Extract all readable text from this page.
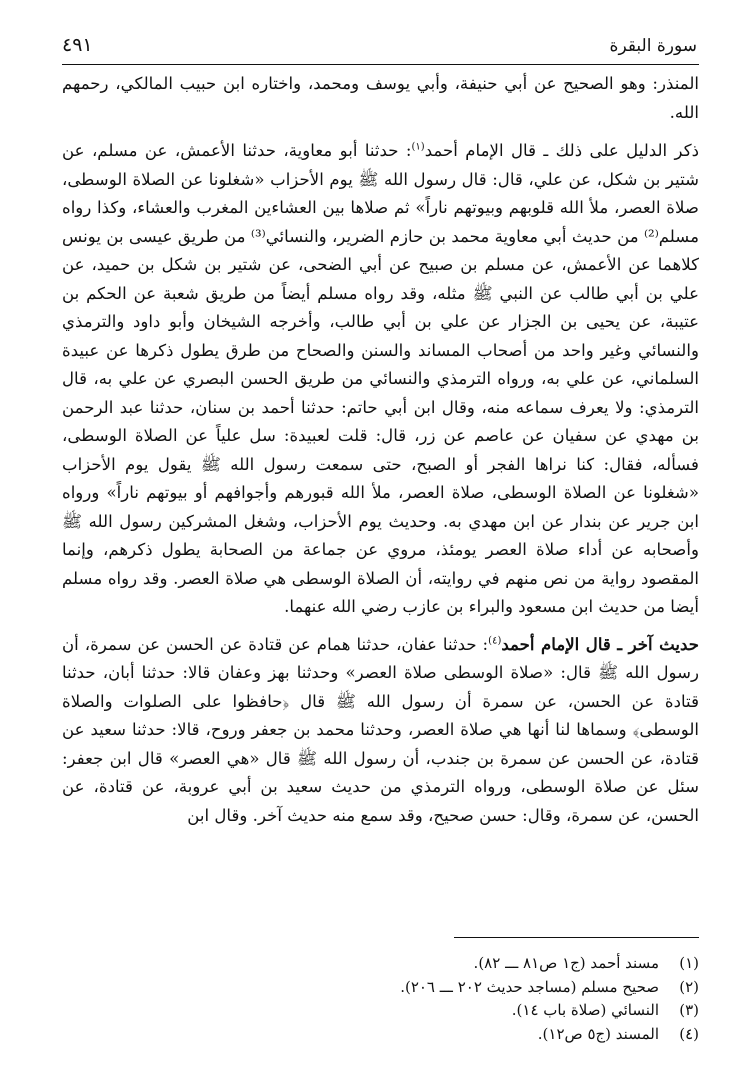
سورة البقرة
٤٩١

المنذر: وهو الصحيح عن أبي حنيفة، وأبي يوسف ومحمد، واختاره ابن حبيب المالكي، رحمهم الله.

ذكر الدليل على ذلك ـ قال الإمام أحمد$^{(١)}$: حدثنا أبو معاوية، حدثنا الأعمش، عن مسلم، عن شتير بن شكل، عن علي، قال: قال رسول الله ﷺ يوم الأحزاب «شغلونا عن الصلاة الوسطى، صلاة العصر، ملأ الله قلوبهم وبيوتهم ناراً» ثم صلاها بين العشاءين المغرب والعشاء، وكذا رواه مسلم⁽²⁾ من حديث أبي معاوية محمد بن حازم الضرير، والنسائي⁽³⁾ من طريق عيسى بن يونس كلاهما عن الأعمش، عن مسلم بن صبيح عن أبي الضحى، عن شتير بن شكل بن حميد، عن علي بن أبي طالب عن النبي ﷺ مثله، وقد رواه مسلم أيضاً من طريق شعبة عن الحكم بن عتيبة، عن يحيى بن الجزار عن علي بن أبي طالب، وأخرجه الشيخان وأبو داود والترمذي والنسائي وغير واحد من أصحاب المساند والسنن والصحاح من طرق يطول ذكرها عن عبيدة السلماني، عن علي به، ورواه الترمذي والنسائي من طريق الحسن البصري عن علي به، قال الترمذي: ولا يعرف سماعه منه، وقال ابن أبي حاتم: حدثنا أحمد بن سنان، حدثنا عبد الرحمن بن مهدي عن سفيان عن عاصم عن زر، قال: قلت لعبيدة: سل علياً عن الصلاة الوسطى، فسأله، فقال: كنا نراها الفجر أو الصبح، حتى سمعت رسول الله ﷺ يقول يوم الأحزاب «شغلونا عن الصلاة الوسطى، صلاة العصر، ملأ الله قبورهم وأجوافهم أو بيوتهم ناراً» ورواه ابن جرير عن بندار عن ابن مهدي به. وحديث يوم الأحزاب، وشغل المشركين رسول الله ﷺ وأصحابه عن أداء صلاة العصر يومئذ، مروي عن جماعة من الصحابة يطول ذكرهم، وإنما المقصود رواية من نص منهم في روايته، أن الصلاة الوسطى هي صلاة العصر. وقد رواه مسلم أيضا من حديث ابن مسعود والبراء بن عازب رضي الله عنهما.

حديث آخر ـ قال الإمام أحمد$^{(٤)}$: حدثنا عفان، حدثنا همام عن قتادة عن الحسن عن سمرة، أن رسول الله ﷺ قال: «صلاة الوسطى صلاة العصر» وحدثنا بهز وعفان قالا: حدثنا أبان، حدثنا قتادة عن الحسن، عن سمرة أن رسول الله ﷺ قال ﴿حافظوا على الصلوات والصلاة الوسطى﴾ وسماها لنا أنها هي صلاة العصر، وحدثنا محمد بن جعفر وروح، قالا: حدثنا سعيد عن قتادة، عن الحسن عن سمرة بن جندب، أن رسول الله ﷺ قال «هي العصر» قال ابن جعفر: سئل عن صلاة الوسطى، ورواه الترمذي من حديث سعيد بن أبي عروبة، عن قتادة، عن الحسن، عن سمرة، وقال: حسن صحيح، وقد سمع منه حديث آخر. وقال ابن

(١)
مسند أحمد (ج١ ص٨١ ـــ ٨٢).
(٢)
صحيح مسلم (مساجد حديث ٢٠٢ ـــ ٢٠٦).
(٣)
النسائي (صلاة باب ١٤).
(٤)
المسند (ج٥ ص١٢).
